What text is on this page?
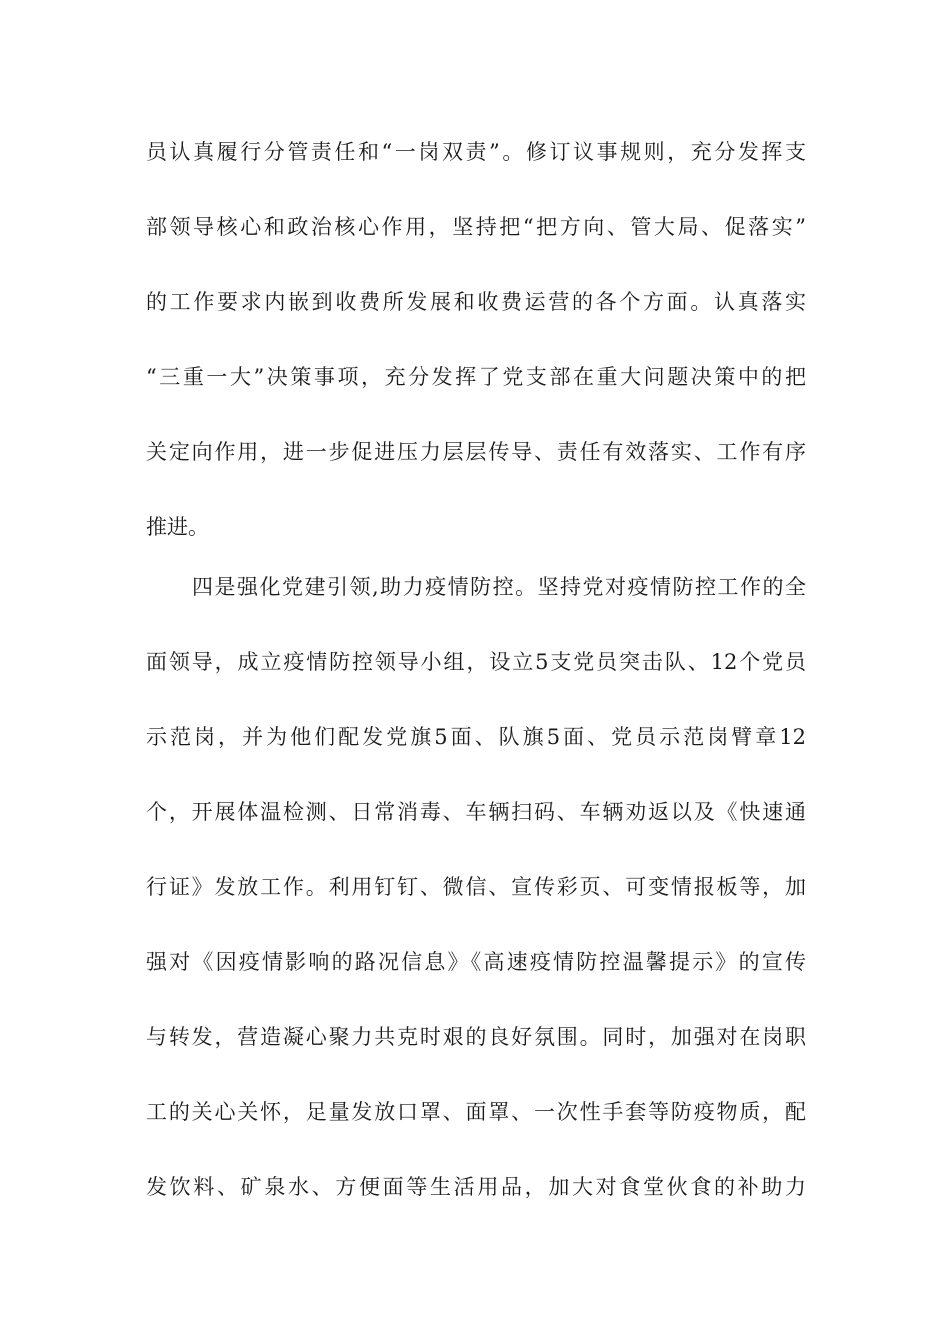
员认真履行分管责任和“一岗双责”。修订议事规则，充分发挥支
部领导核心和政治核心作用，坚持把“把方向、管大局、促落实”
的工作要求内嵌到收费所发展和收费运营的各个方面。认真落实
“三重一大”决策事项，充分发挥了党支部在重大问题决策中的把
关定向作用，进一步促进压力层层传导、责任有效落实、工作有序
推进。
四是强化党建引领,助力疫情防控。坚持党对疫情防控工作的全
面领导，成立疫情防控领导小组，设立5支党员突击队、12个党员
示范岗，并为他们配发党旗5面、队旗5面、党员示范岗臂章12
个，开展体温检测、日常消毒、车辆扫码、车辆劝返以及《快速通
行证》发放工作。利用钉钉、微信、宣传彩页、可变情报板等，加
强对《因疫情影响的路况信息》《高速疫情防控温馨提示》的宣传
与转发，营造凝心聚力共克时艰的良好氛围。同时，加强对在岗职
工的关心关怀，足量发放口罩、面罩、一次性手套等防疫物质，配
发饮料、矿泉水、方便面等生活用品，加大对食堂伙食的补助力
